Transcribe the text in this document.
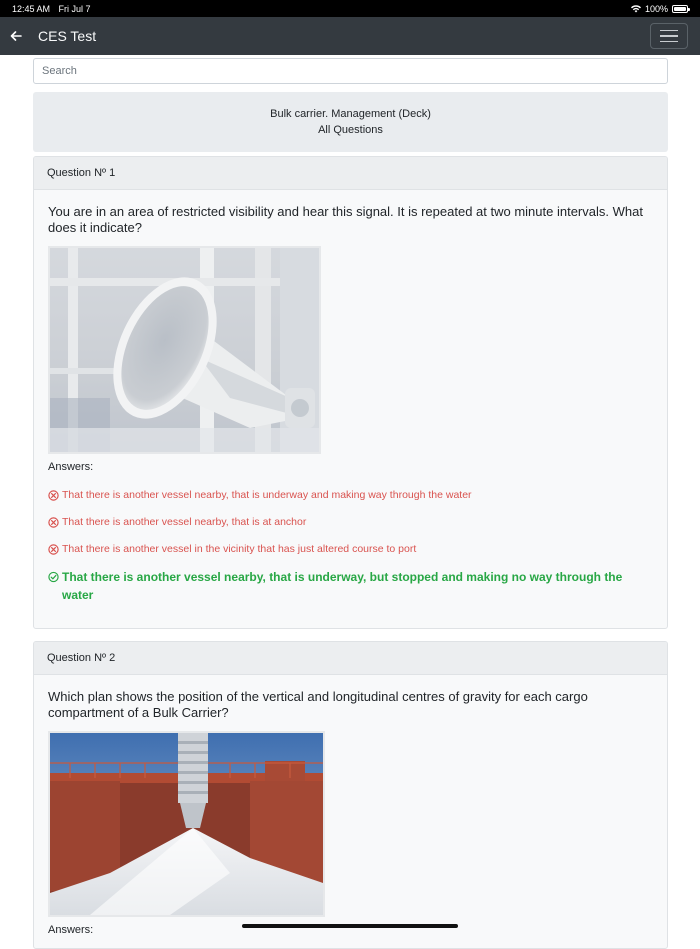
12:45 AM Fri Jul 7	100%
CES Test
Search
Bulk carrier. Management (Deck)
All Questions
Question Nº 1
You are in an area of restricted visibility and hear this signal. It is repeated at two minute intervals. What does it indicate?
Answers:
That there is another vessel nearby, that is underway and making way through the water
That there is another vessel nearby, that is at anchor
That there is another vessel in the vicinity that has just altered course to port
That there is another vessel nearby, that is underway, but stopped and making no way through the water
Question Nº 2
Which plan shows the position of the vertical and longitudinal centres of gravity for each cargo compartment of a Bulk Carrier?
Answers:
